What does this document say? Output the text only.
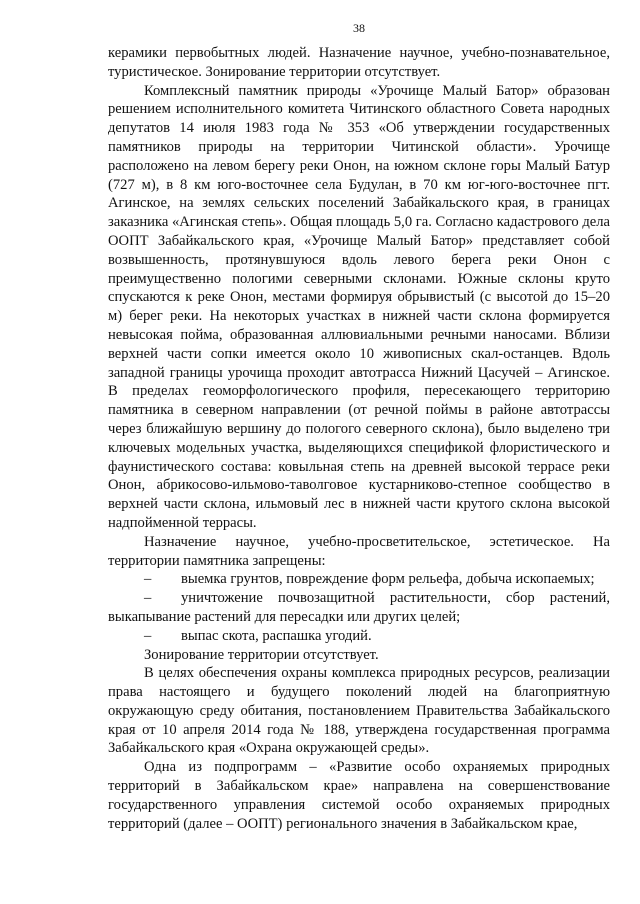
38

керамики первобытных людей. Назначение научное, учебно-познавательное, туристическое. Зонирование территории отсутствует.

Комплексный памятник природы «Урочище Малый Батор» образован решением исполнительного комитета Читинского областного Совета народных депутатов 14 июля 1983 года № 353 «Об утверждении государственных памятников природы на территории Читинской области». Урочище расположено на левом берегу реки Онон, на южном склоне горы Малый Батур (727 м), в 8 км юго-восточнее села Будулан, в 70 км юг-юго-восточнее пгт. Агинское, на землях сельских поселений Забайкальского края, в границах заказника «Агинская степь». Общая площадь 5,0 га. Согласно кадастрового дела ООПТ Забайкальского края, «Урочище Малый Батор» представляет собой возвышенность, протянувшуюся вдоль левого берега реки Онон с преимущественно пологими северными склонами. Южные склоны круто спускаются к реке Онон, местами формируя обрывистый (с высотой до 15–20 м) берег реки. На некоторых участках в нижней части склона формируется невысокая пойма, образованная аллювиальными речными наносами. Вблизи верхней части сопки имеется около 10 живописных скал-останцев. Вдоль западной границы урочища проходит автотрасса Нижний Цасучей – Агинское. В пределах геоморфологического профиля, пересекающего территорию памятника в северном направлении (от речной поймы в районе автотрассы через ближайшую вершину до пологого северного склона), было выделено три ключевых модельных участка, выделяющихся спецификой флористического и фаунистического состава: ковыльная степь на древней высокой террасе реки Онон, абрикосово-ильмово-таволговое кустарниково-степное сообщество в верхней части склона, ильмовый лес в нижней части крутого склона высокой надпойменной террасы.

Назначение научное, учебно-просветительское, эстетическое. На территории памятника запрещены:

– выемка грунтов, повреждение форм рельефа, добыча ископаемых;

– уничтожение почвозащитной растительности, сбор растений, выкапывание растений для пересадки или других целей;

– выпас скота, распашка угодий.

Зонирование территории отсутствует.

В целях обеспечения охраны комплекса природных ресурсов, реализации права настоящего и будущего поколений людей на благоприятную окружающую среду обитания, постановлением Правительства Забайкальского края от 10 апреля 2014 года № 188, утверждена государственная программа Забайкальского края «Охрана окружающей среды».

Одна из подпрограмм – «Развитие особо охраняемых природных территорий в Забайкальском крае» направлена на совершенствование государственного управления системой особо охраняемых природных территорий (далее – ООПТ) регионального значения в Забайкальском крае,
